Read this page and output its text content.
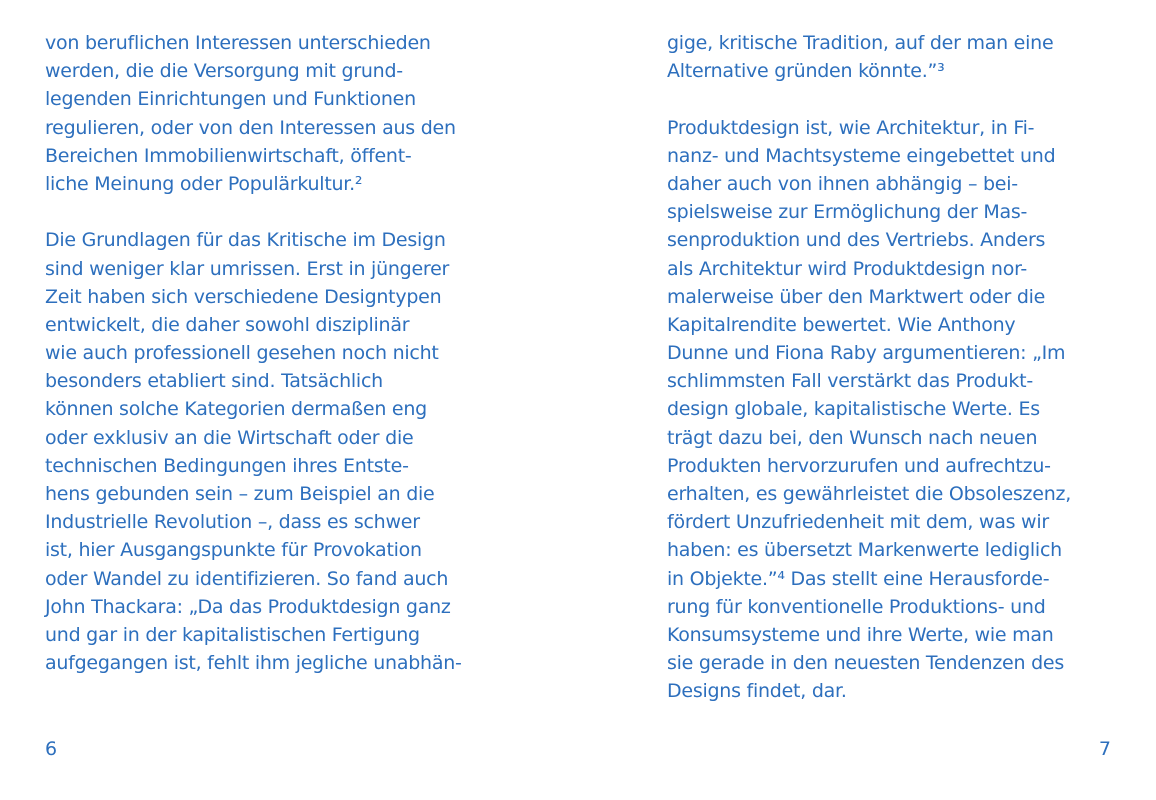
von beruflichen Interessen unterschieden
werden, die die Versorgung mit grund-
legenden Einrichtungen und Funktionen
regulieren, oder von den Interessen aus den
Bereichen Immobilienwirtschaft, öffent-
liche Meinung oder Populärkultur.²

Die Grundlagen für das Kritische im Design
sind weniger klar umrissen. Erst in jüngerer
Zeit haben sich verschiedene Designtypen
entwickelt, die daher sowohl disziplinär
wie auch professionell gesehen noch nicht
besonders etabliert sind. Tatsächlich
können solche Kategorien dermaßen eng
oder exklusiv an die Wirtschaft oder die
technischen Bedingungen ihres Entste-
hens gebunden sein – zum Beispiel an die
Industrielle Revolution –, dass es schwer
ist, hier Ausgangspunkte für Provokation
oder Wandel zu identifizieren. So fand auch
John Thackara: „Da das Produktdesign ganz
und gar in der kapitalistischen Fertigung
aufgegangen ist, fehlt ihm jegliche unabhän-

6

gige, kritische Tradition, auf der man eine
Alternative gründen könnte.”³

Produktdesign ist, wie Architektur, in Fi-
nanz- und Machtsysteme eingebettet und
daher auch von ihnen abhängig – bei-
spielsweise zur Ermöglichung der Mas-
senproduktion und des Vertriebs. Anders
als Architektur wird Produktdesign nor-
malerweise über den Marktwert oder die
Kapitalrendite bewertet. Wie Anthony
Dunne und Fiona Raby argumentieren: „Im
schlimmsten Fall verstärkt das Produkt-
design globale, kapitalistische Werte. Es
trägt dazu bei, den Wunsch nach neuen
Produkten hervorzurufen und aufrechtzu-
erhalten, es gewährleistet die Obsoleszenz,
fördert Unzufriedenheit mit dem, was wir
haben: es übersetzt Markenwerte lediglich
in Objekte.”⁴ Das stellt eine Herausforde-
rung für konventionelle Produktions- und
Konsumsystemе und ihre Werte, wie man
sie gerade in den neuesten Tendenzen des
Designs findet, dar.

7
